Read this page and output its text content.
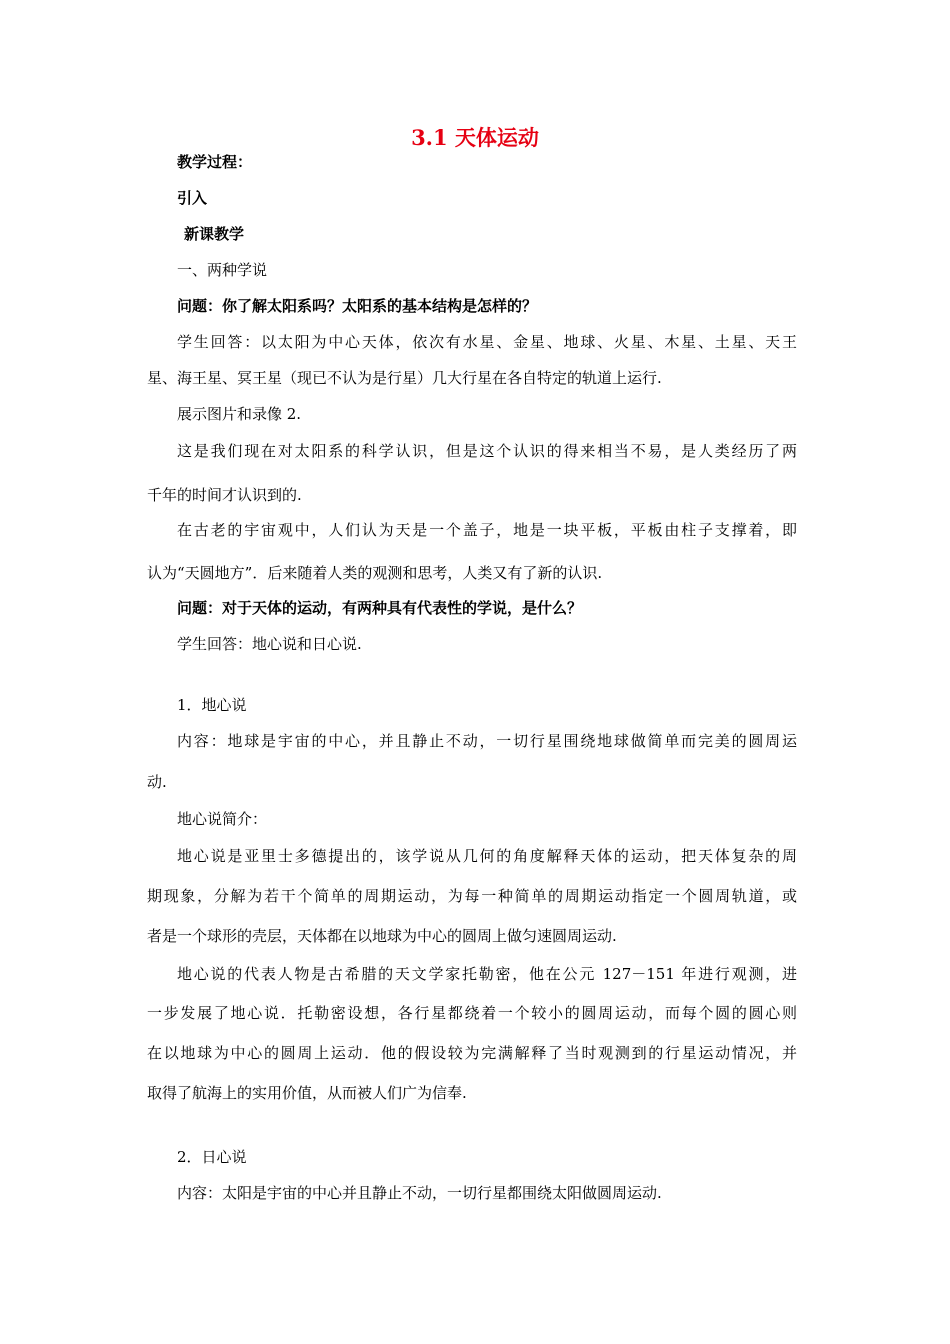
3.1 天体运动
教学过程：
引入
新课教学
一、两种学说
问题：你了解太阳系吗？太阳系的基本结构是怎样的？
学生回答：以太阳为中心天体，依次有水星、金星、地球、火星、木星、土星、天王
星、海王星、冥王星（现已不认为是行星）几大行星在各自特定的轨道上运行.
展示图片和录像 2.
这是我们现在对太阳系的科学认识，但是这个认识的得来相当不易，是人类经历了两
千年的时间才认识到的.
在古老的宇宙观中，人们认为天是一个盖子，地是一块平板，平板由柱子支撑着，即
认为“天圆地方”．后来随着人类的观测和思考，人类又有了新的认识.
问题：对于天体的运动，有两种具有代表性的学说，是什么？
学生回答：地心说和日心说.
1．地心说
内容：地球是宇宙的中心，并且静止不动，一切行星围绕地球做简单而完美的圆周运
动.
地心说简介：
地心说是亚里士多德提出的，该学说从几何的角度解释天体的运动，把天体复杂的周
期现象，分解为若干个简单的周期运动，为每一种简单的周期运动指定一个圆周轨道，或
者是一个球形的壳层，天体都在以地球为中心的圆周上做匀速圆周运动.
地心说的代表人物是古希腊的天文学家托勒密，他在公元 127－151 年进行观测，进
一步发展了地心说．托勒密设想，各行星都绕着一个较小的圆周运动，而每个圆的圆心则
在以地球为中心的圆周上运动．他的假设较为完满解释了当时观测到的行星运动情况，并
取得了航海上的实用价值，从而被人们广为信奉.
2．日心说
内容：太阳是宇宙的中心并且静止不动，一切行星都围绕太阳做圆周运动.
